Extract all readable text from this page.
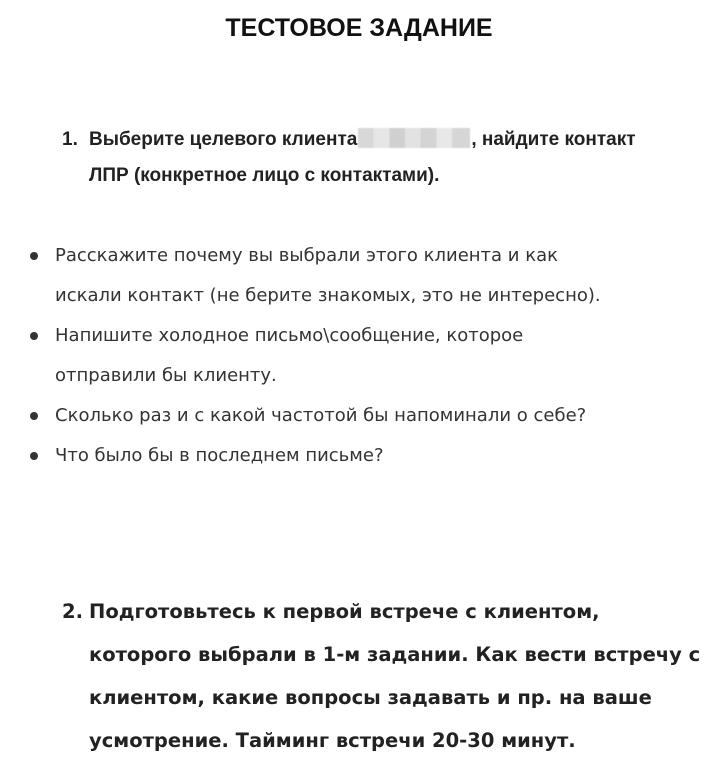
ТЕСТОВОЕ ЗАДАНИЕ
1. Выберите целевого клиента	, найдите контакт
ЛПР (конкретное лицо с контактами).
Расскажите почему вы выбрали этого клиента и как
искали контакт (не берите знакомых, это не интересно).
Напишите холодное письмо\сообщение, которое
отправили бы клиенту.
Сколько раз и с какой частотой бы напоминали о себе?
Что было бы в последнем письме?
2. Подготовьтесь к первой встрече с клиентом,
которого выбрали в 1-м задании. Как вести встречу с
клиентом, какие вопросы задавать и пр. на ваше
усмотрение. Тайминг встречи 20-30 минут.
